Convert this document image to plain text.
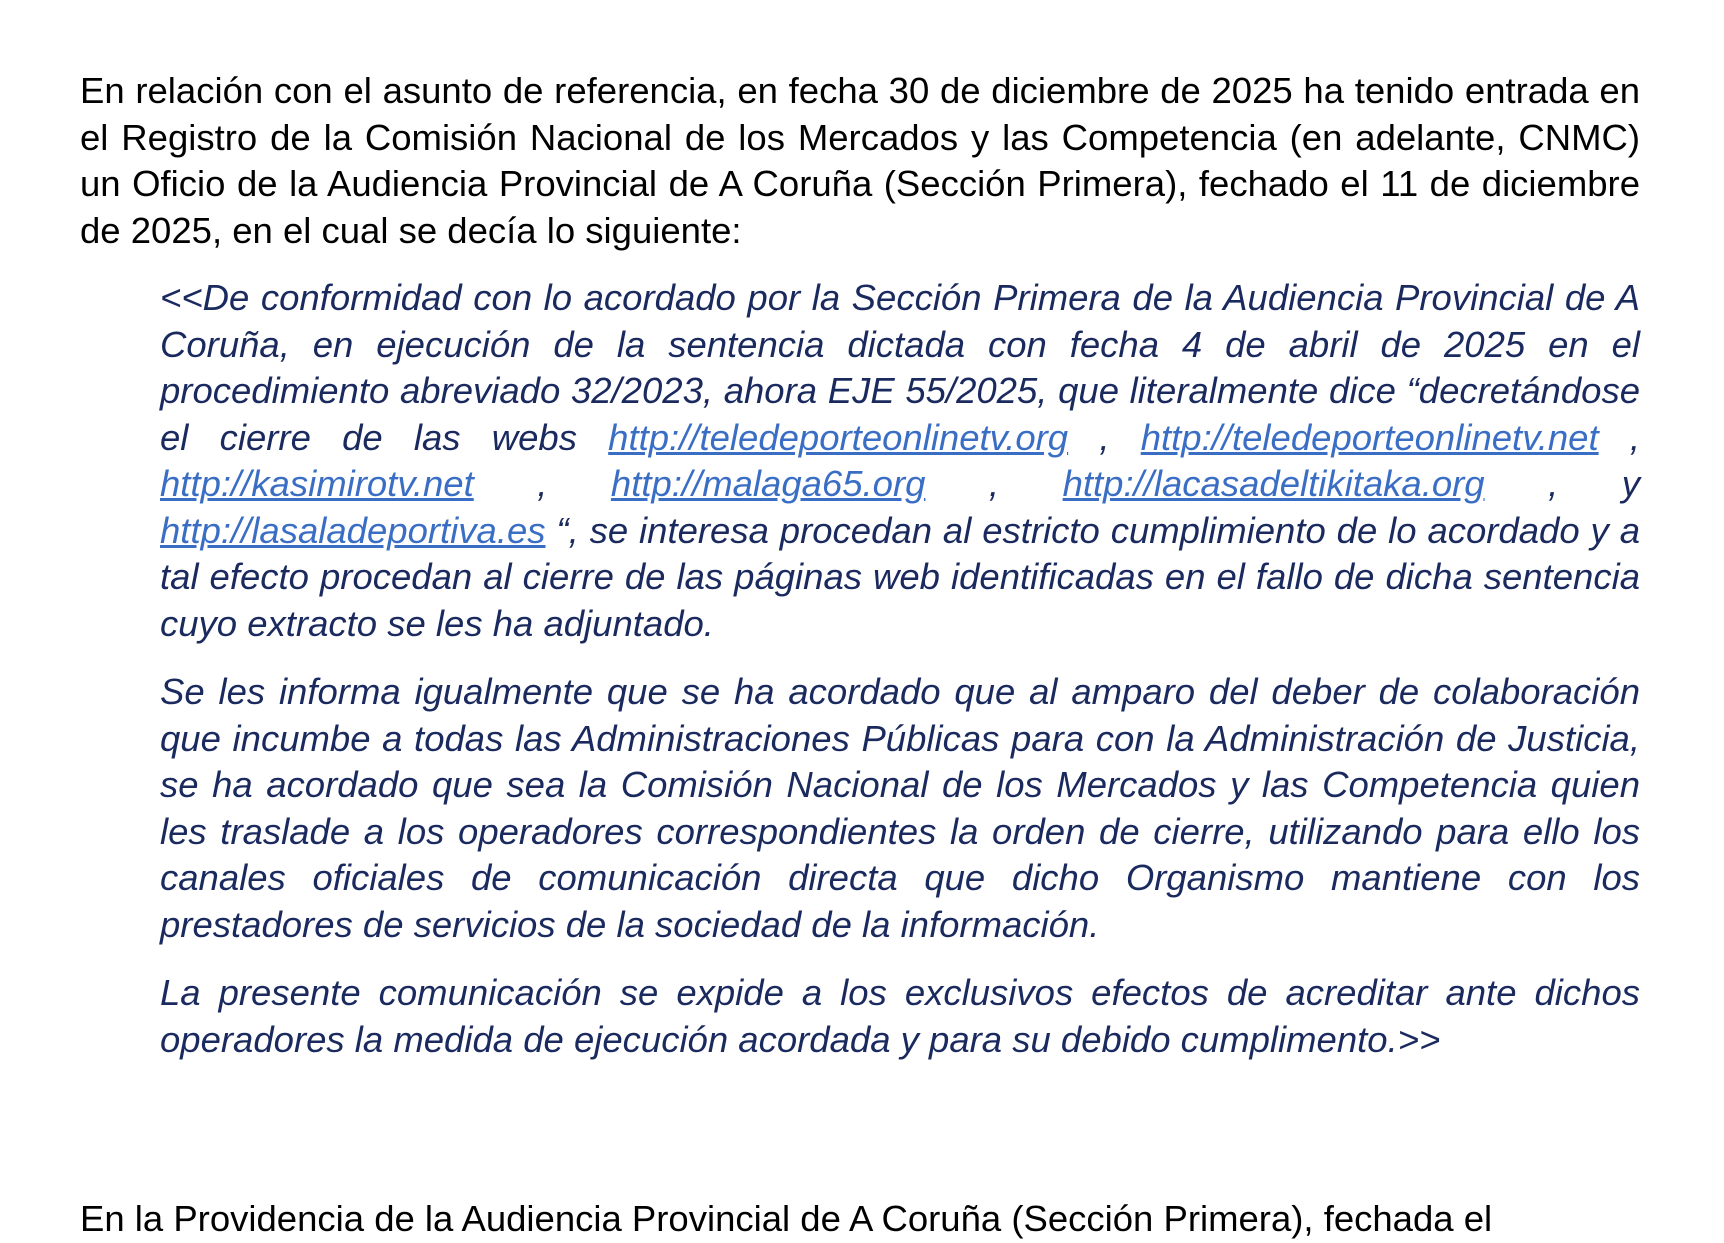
En relación con el asunto de referencia, en fecha 30 de diciembre de 2025 ha tenido entrada en el Registro de la Comisión Nacional de los Mercados y las Competencia (en adelante, CNMC) un Oficio de la Audiencia Provincial de A Coruña (Sección Primera), fechado el 11 de diciembre de 2025, en el cual se decía lo siguiente:

<<De conformidad con lo acordado por la Sección Primera de la Audiencia Provincial de A Coruña, en ejecución de la sentencia dictada con fecha 4 de abril de 2025 en el procedimiento abreviado 32/2023, ahora EJE 55/2025, que literalmente dice “decretándose el cierre de las webs http://teledeporteonlinetv.org , http://teledeporteonlinetv.net , http://kasimirotv.net , http://malaga65.org , http://lacasadeltikitaka.org , y http://lasaladeportiva.es “, se interesa procedan al estricto cumplimiento de lo acordado y a tal efecto procedan al cierre de las páginas web identificadas en el fallo de dicha sentencia cuyo extracto se les ha adjuntado.

Se les informa igualmente que se ha acordado que al amparo del deber de colaboración que incumbe a todas las Administraciones Públicas para con la Administración de Justicia, se ha acordado que sea la Comisión Nacional de los Mercados y las Competencia quien les traslade a los operadores correspondientes la orden de cierre, utilizando para ello los canales oficiales de comunicación directa que dicho Organismo mantiene con los prestadores de servicios de la sociedad de la información.

La presente comunicación se expide a los exclusivos efectos de acreditar ante dichos operadores la medida de ejecución acordada y para su debido cumplimento.>>

En la Providencia de la Audiencia Provincial de A Coruña (Sección Primera), fechada el
